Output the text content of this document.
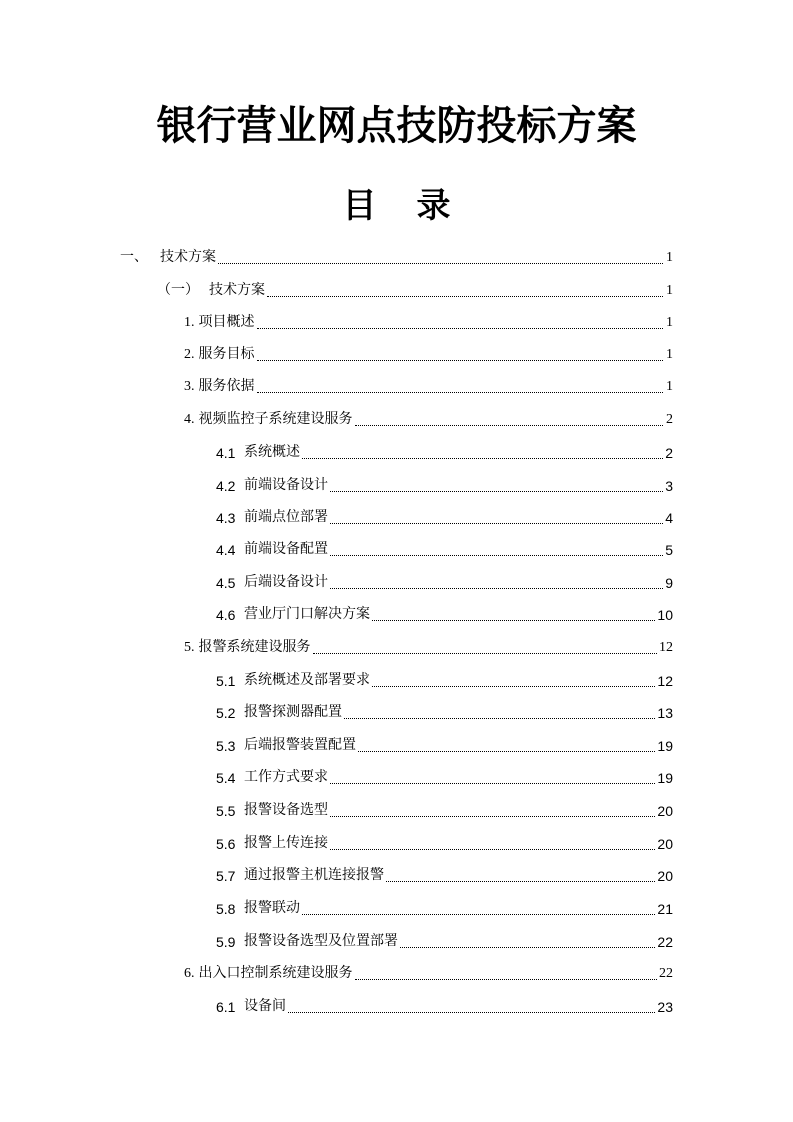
银行营业网点技防投标方案
目 录
一、 技术方案	1
（一） 技术方案	1
1. 项目概述	1
2. 服务目标	1
3. 服务依据	1
4. 视频监控子系统建设服务	2
4.1 系统概述	2
4.2 前端设备设计	3
4.3 前端点位部署	4
4.4 前端设备配置	5
4.5 后端设备设计	9
4.6 营业厅门口解决方案	10
5. 报警系统建设服务	12
5.1 系统概述及部署要求	12
5.2 报警探测器配置	13
5.3 后端报警装置配置	19
5.4 工作方式要求	19
5.5 报警设备选型	20
5.6 报警上传连接	20
5.7 通过报警主机连接报警	20
5.8 报警联动	21
5.9 报警设备选型及位置部署	22
6. 出入口控制系统建设服务	22
6.1 设备间	23
